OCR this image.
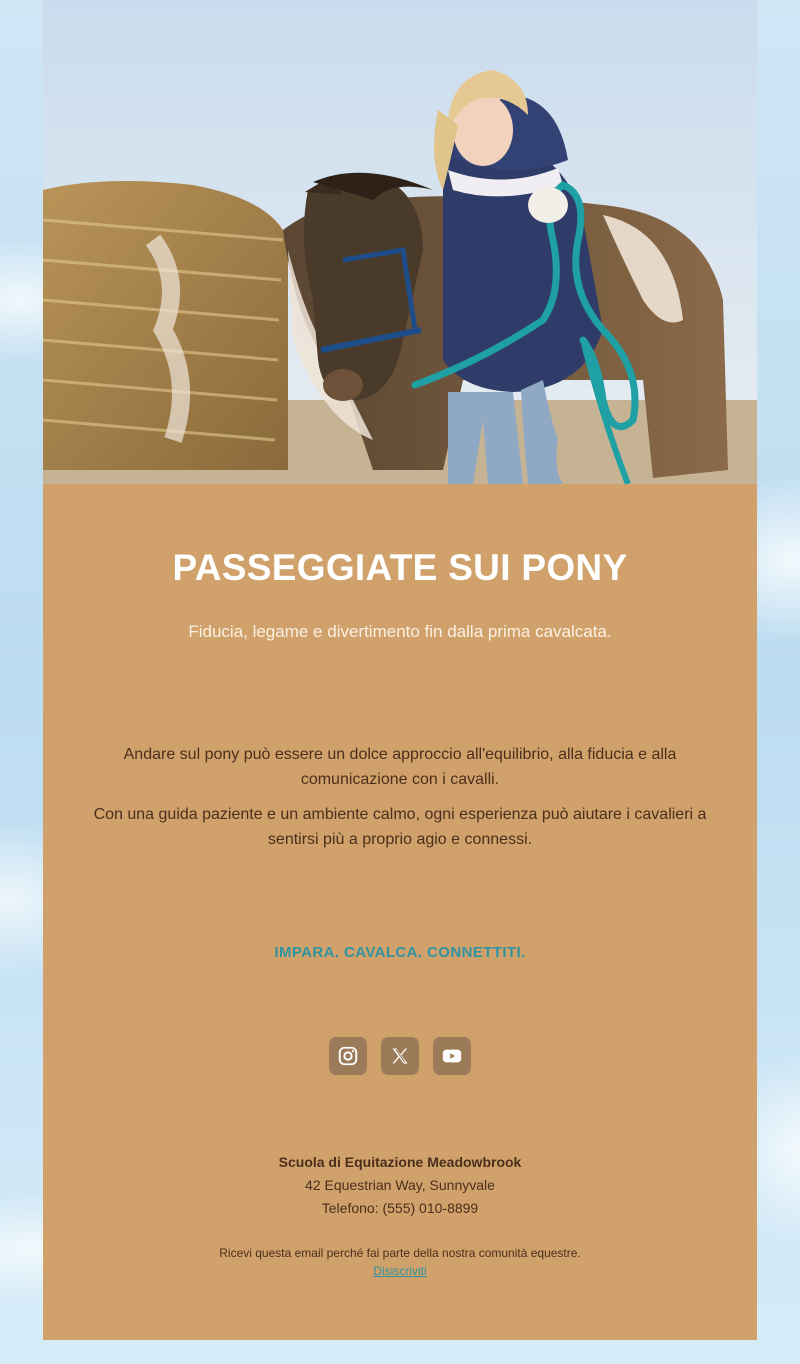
PASSEGGIATE SUI PONY

Fiducia, legame e divertimento fin dalla prima cavalcata.

Andare sul pony può essere un dolce approccio all'equilibrio, alla fiducia e alla comunicazione con i cavalli.

Con una guida paziente e un ambiente calmo, ogni esperienza può aiutare i cavalieri a sentirsi più a proprio agio e connessi.

IMPARA. CAVALCA. CONNETTITI.

Scuola di Equitazione Meadowbrook
42 Equestrian Way, Sunnyvale
Telefono: (555) 010-8899
Ricevi questa email perché fai parte della nostra comunità equestre.
Disiscriviti
